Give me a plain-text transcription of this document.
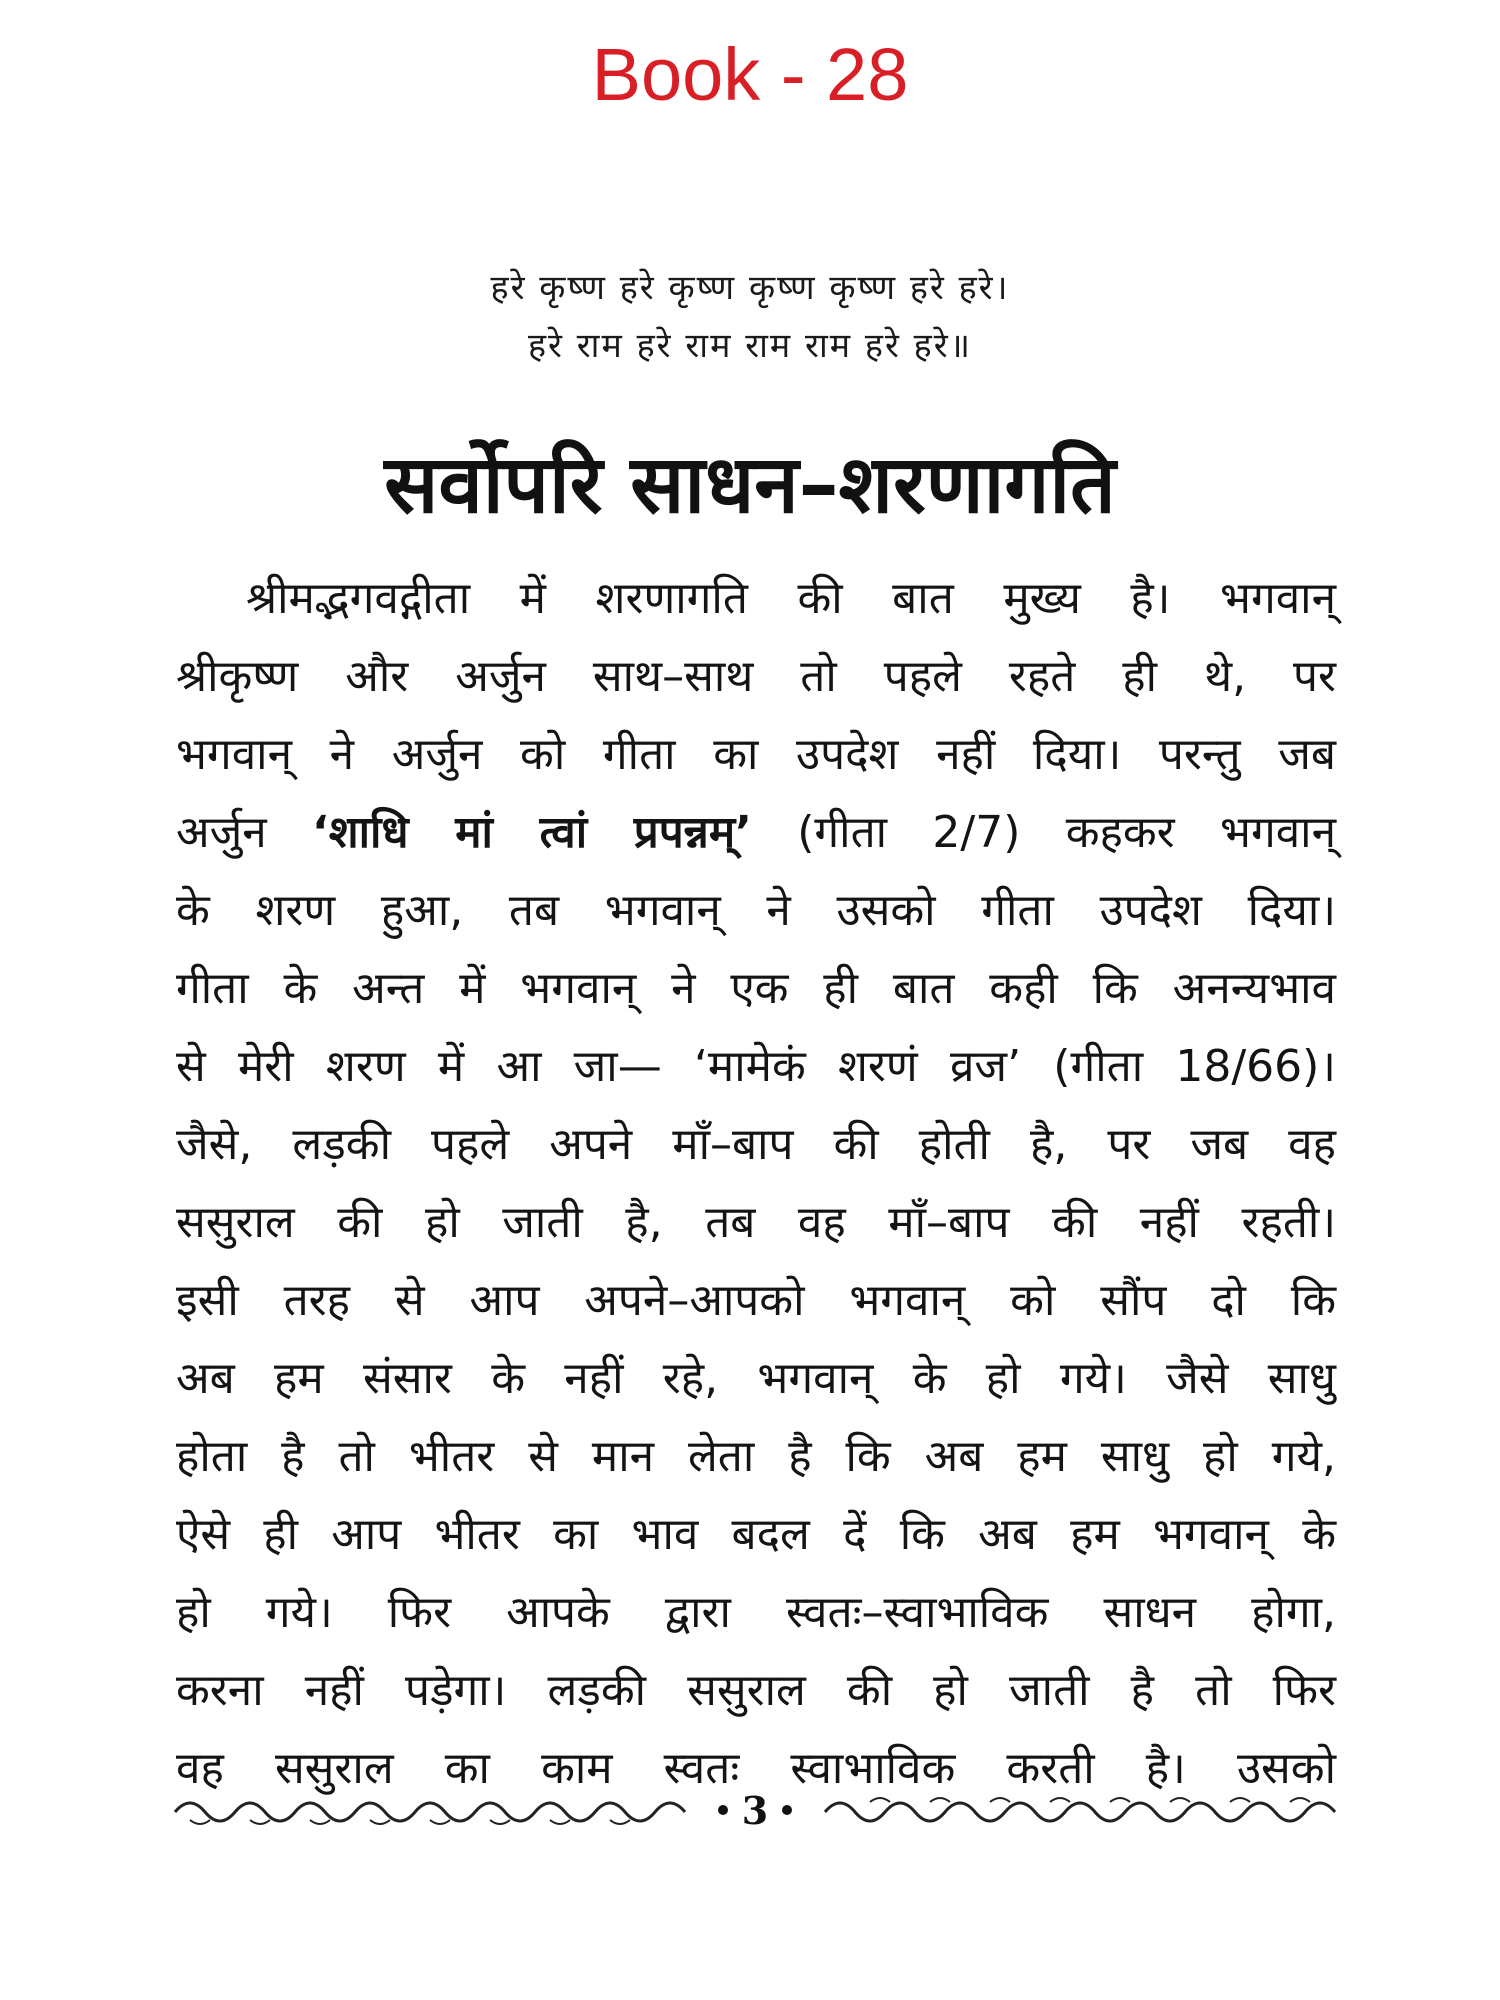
Book - 28
हरे कृष्ण हरे कृष्ण कृष्ण कृष्ण हरे हरे।
हरे राम हरे राम राम राम हरे हरे॥
सर्वोपरि साधन–शरणागति
श्रीमद्भगवद्गीता में शरणागति की बात मुख्य है। भगवान्
श्रीकृष्ण और अर्जुन साथ–साथ तो पहले रहते ही थे, पर
भगवान् ने अर्जुन को गीता का उपदेश नहीं दिया। परन्तु जब
अर्जुन ‘शाधि मां त्वां प्रपन्नम्’ (गीता 2/7) कहकर भगवान्
के शरण हुआ, तब भगवान् ने उसको गीता उपदेश दिया।
गीता के अन्त में भगवान् ने एक ही बात कही कि अनन्यभाव
से मेरी शरण में आ जा— ‘मामेकं शरणं व्रज’ (गीता 18/66)।
जैसे, लड़की पहले अपने माँ–बाप की होती है, पर जब वह
ससुराल की हो जाती है, तब वह माँ–बाप की नहीं रहती।
इसी तरह से आप अपने–आपको भगवान् को सौंप दो कि
अब हम संसार के नहीं रहे, भगवान् के हो गये। जैसे साधु
होता है तो भीतर से मान लेता है कि अब हम साधु हो गये,
ऐसे ही आप भीतर का भाव बदल दें कि अब हम भगवान् के
हो गये। फिर आपके द्वारा स्वतः–स्वाभाविक साधन होगा,
करना नहीं पड़ेगा। लड़की ससुराल की हो जाती है तो फिर
वह ससुराल का काम स्वतः स्वाभाविक करती है। उसको
3
